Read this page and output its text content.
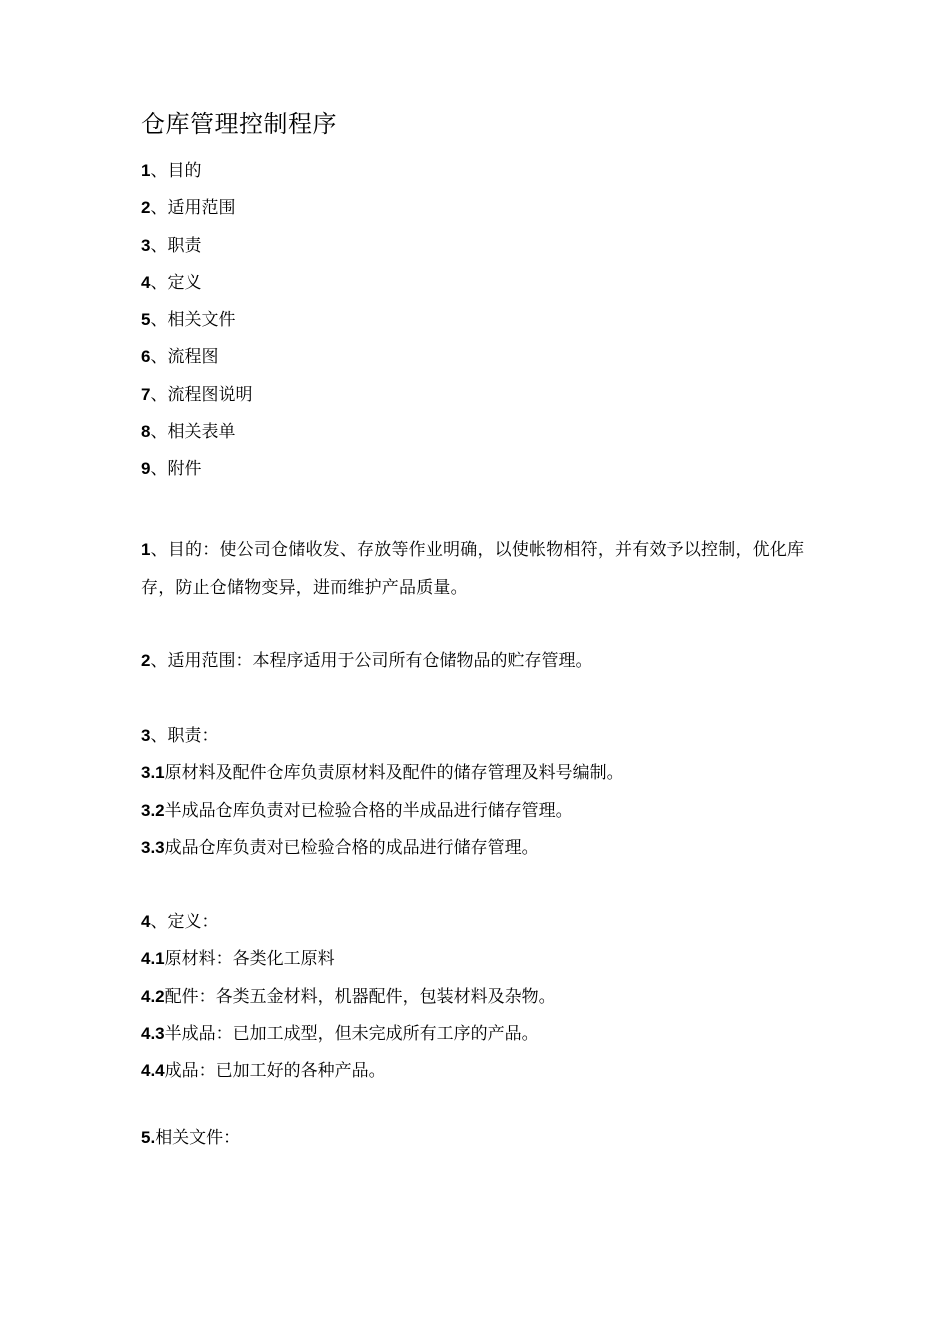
仓库管理控制程序
1、目的
2、适用范围
3、职责
4、定义
5、相关文件
6、流程图
7、流程图说明
8、相关表单
9、附件
1、目的：使公司仓储收发、存放等作业明确，以使帐物相符，并有效予以控制，优化库存，防止仓储物变异，进而维护产品质量。
2、适用范围：本程序适用于公司所有仓储物品的贮存管理。
3、职责：
3.1原材料及配件仓库负责原材料及配件的储存管理及料号编制。
3.2半成品仓库负责对已检验合格的半成品进行储存管理。
3.3成品仓库负责对已检验合格的成品进行储存管理。
4、定义：
4.1原材料：各类化工原料
4.2配件：各类五金材料，机器配件，包装材料及杂物。
4.3半成品：已加工成型，但未完成所有工序的产品。
4.4成品：已加工好的各种产品。
5.相关文件：
